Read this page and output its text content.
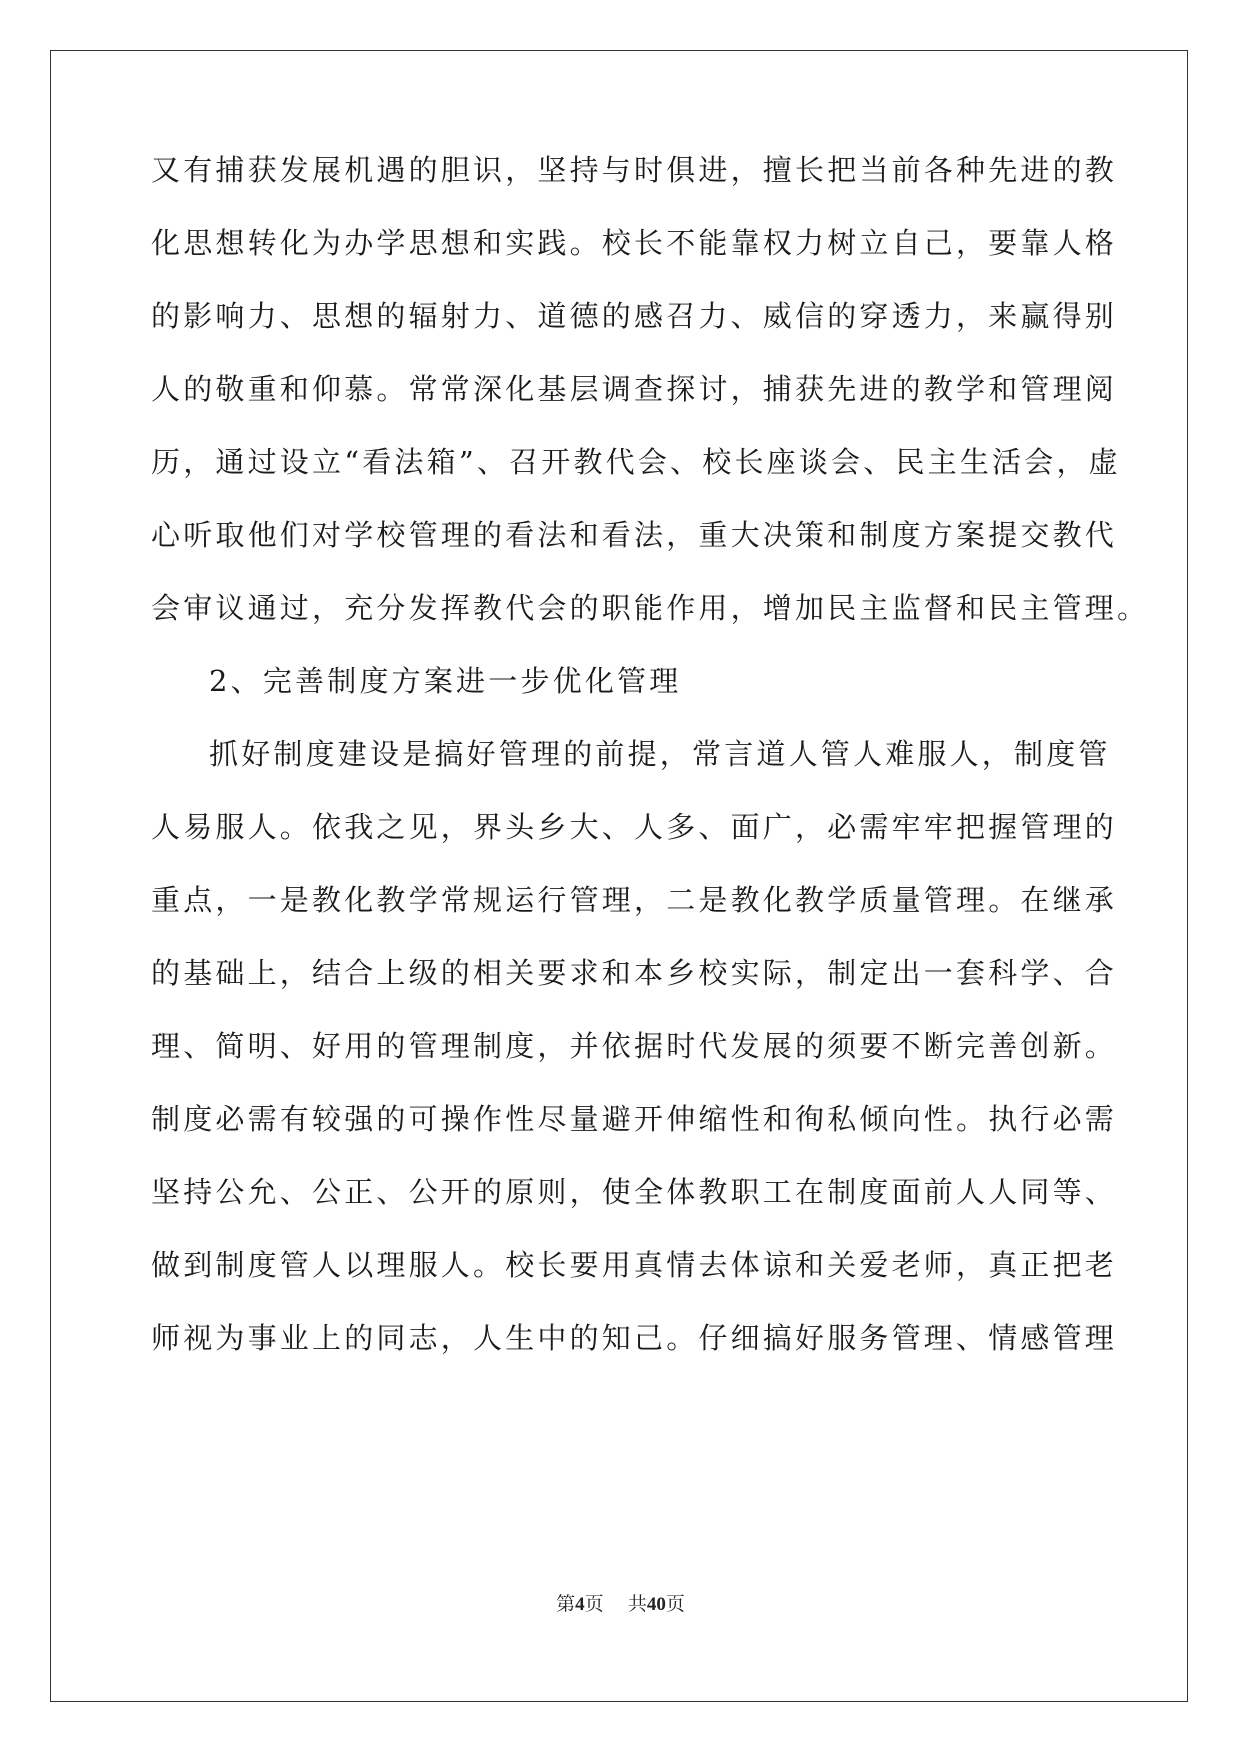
又有捕获发展机遇的胆识，坚持与时俱进，擅长把当前各种先进的教
化思想转化为办学思想和实践。校长不能靠权力树立自己，要靠人格
的影响力、思想的辐射力、道德的感召力、威信的穿透力，来赢得别
人的敬重和仰慕。常常深化基层调查探讨，捕获先进的教学和管理阅
历，通过设立“看法箱”、召开教代会、校长座谈会、民主生活会，虚
心听取他们对学校管理的看法和看法，重大决策和制度方案提交教代
会审议通过，充分发挥教代会的职能作用，增加民主监督和民主管理。
2、完善制度方案进一步优化管理
抓好制度建设是搞好管理的前提，常言道人管人难服人，制度管
人易服人。依我之见，界头乡大、人多、面广，必需牢牢把握管理的
重点，一是教化教学常规运行管理，二是教化教学质量管理。在继承
的基础上，结合上级的相关要求和本乡校实际，制定出一套科学、合
理、简明、好用的管理制度，并依据时代发展的须要不断完善创新。
制度必需有较强的可操作性尽量避开伸缩性和徇私倾向性。执行必需
坚持公允、公正、公开的原则，使全体教职工在制度面前人人同等、
做到制度管人以理服人。校长要用真情去体谅和关爱老师，真正把老
师视为事业上的同志，人生中的知己。仔细搞好服务管理、情感管理
第4页 共40页
